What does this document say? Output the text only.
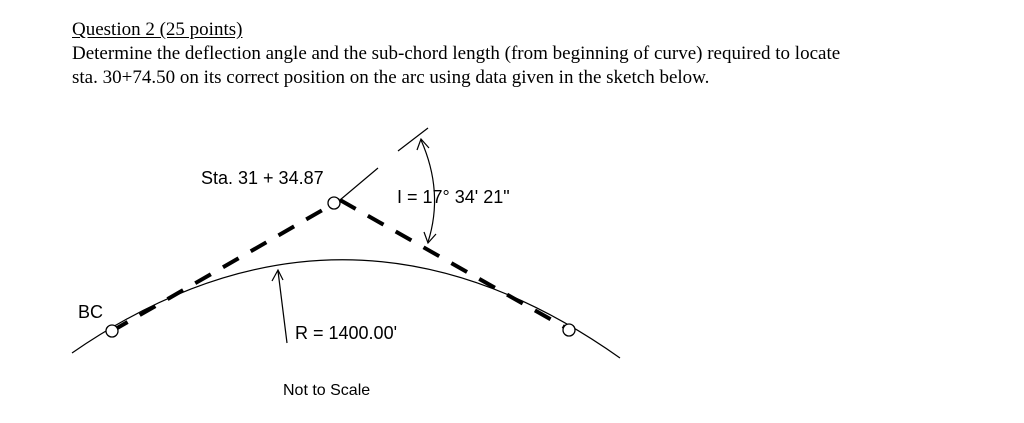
Question 2 (25 points)
Determine the deflection angle and the sub-chord length (from beginning of curve) required to locate
sta. 30+74.50 on its correct position on the arc using data given in the sketch below.
Sta. 31 + 34.87
I = 17° 34' 21"
BC
R = 1400.00'
Not to Scale
